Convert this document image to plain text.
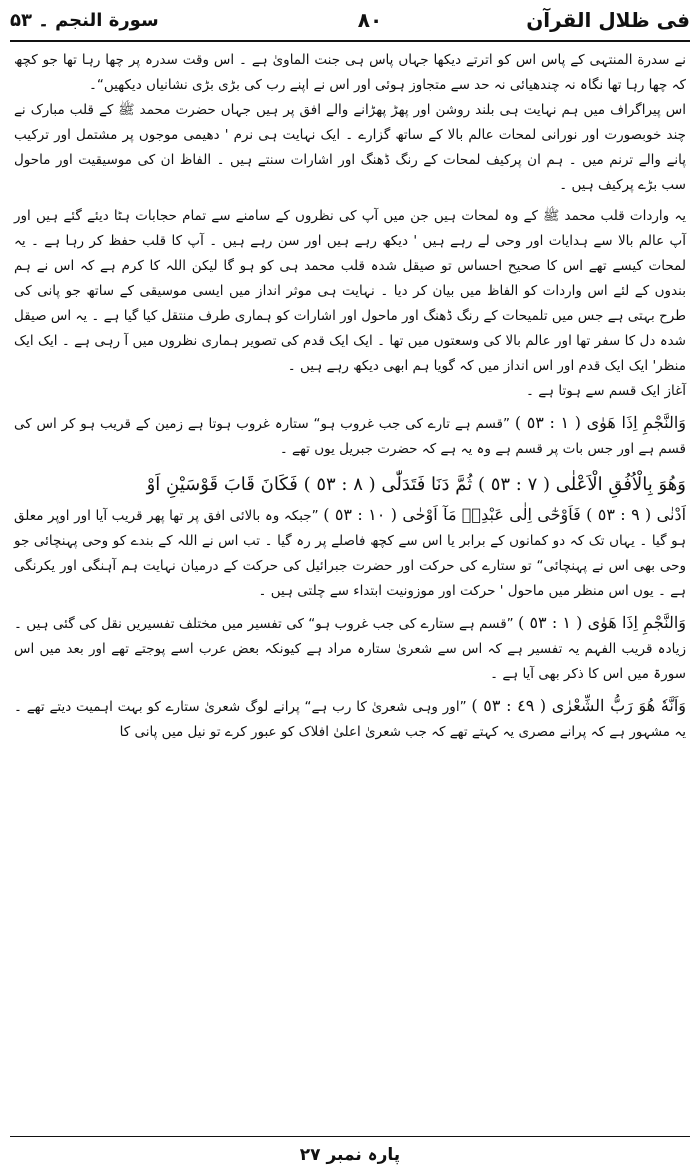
فی ظلال القرآن
٨٠
سورة النجم ۔ ۵۳

نے سدرة المنتہی کے پاس اس کو اترتے دیکھا جہاں پاس ہی جنت الماویٰ ہے ۔ اس وقت سدرہ پر چھا رہا تھا جو کچھ کہ چھا رہا تھا نگاہ نہ چندھیائی نہ حد سے متجاوز ہوئی اور اس نے اپنے رب کی بڑی بڑی نشانیاں دیکھیں“۔

اس پیراگراف میں ہم نہایت ہی بلند روشن اور پھڑ پھڑانے والے افق پر ہیں جہاں حضرت محمد ﷺ کے قلب مبارک نے چند خوبصورت اور نورانی لمحات عالم بالا کے ساتھ گزارے ۔ ایک نہایت ہی نرم ' دھیمی موجوں پر مشتمل اور ترکیب پانے والے ترنم میں ۔ ہم ان پرکیف لمحات کے رنگ ڈھنگ اور اشارات سنتے ہیں ۔ الفاظ ان کی موسیقیت اور ماحول سب بڑے پرکیف ہیں ۔

یہ واردات قلب محمد ﷺ کے وہ لمحات ہیں جن میں آپ کی نظروں کے سامنے سے تمام حجابات ہٹا دیئے گئے ہیں اور آپ عالم بالا سے ہدایات اور وحی لے رہے ہیں ' دیکھ رہے ہیں اور سن رہے ہیں ۔ آپ کا قلب حفظ کر رہا ہے ۔ یہ لمحات کیسے تھے اس کا صحیح احساس تو صیقل شدہ قلب محمد ہی کو ہو گا لیکن اللہ کا کرم ہے کہ اس نے ہم بندوں کے لئے اس واردات کو الفاظ میں بیان کر دیا ۔ نہایت ہی موثر انداز میں ایسی موسیقی کے ساتھ جو پانی کی طرح بہتی ہے جس میں تلمیحات کے رنگ ڈھنگ اور ماحول اور اشارات کو ہماری طرف منتقل کیا گیا ہے ۔ یہ اس صیقل شدہ دل کا سفر تھا اور عالم بالا کی وسعتوں میں تھا ۔ ایک ایک قدم کی تصویر ہماری نظروں میں آ رہی ہے ۔ ایک ایک منظر' ایک ایک قدم اور اس انداز میں کہ گویا ہم ابھی دیکھ رہے ہیں ۔

آغاز ایک قسم سے ہوتا ہے ۔

وَالنَّجْمِ اِذَا هَوٰى ( ١ : ٥٣ ) ”قسم ہے تارے کی جب غروب ہو“ ستارہ غروب ہوتا ہے زمین کے قریب ہو کر اس کی قسم ہے اور جس بات پر قسم ہے وہ یہ ہے کہ حضرت جبریل یوں تھے ۔

وَهُوَ بِالْاُفُقِ الْاَعْلٰى ( ٧ : ٥٣ ) ثُمَّ دَنَا فَتَدَلّٰى ( ٨ : ٥٣ ) فَكَانَ قَابَ قَوْسَيْنِ اَوْ

اَدْنٰى ( ٩ : ٥٣ ) فَاَوْحٰٓى اِلٰى عَبْدِهٖ مَآ اَوْحٰى ( ١٠ : ٥٣ ) ”جبکہ وہ بالائی افق پر تھا پھر قریب آیا اور اوپر معلق ہو گیا ۔ یہاں تک کہ دو کمانوں کے برابر یا اس سے کچھ فاصلے پر رہ گیا ۔ تب اس نے اللہ کے بندے کو وحی پہنچائی جو وحی بھی اس نے پہنچائی“ تو ستارے کی حرکت اور حضرت جبرائیل کی حرکت کے درمیان نہایت ہم آہنگی اور یکرنگی ہے ۔ یوں اس منظر میں ماحول ' حرکت اور موزونیت ابتداء سے چلتی ہیں ۔

وَالنَّجْمِ اِذَا هَوٰى ( ١ : ٥٣ ) ”قسم ہے ستارے کی جب غروب ہو“ کی تفسیر میں مختلف تفسیریں نقل کی گئی ہیں ۔ زیادہ قریب الفہم یہ تفسیر ہے کہ اس سے شعریٰ ستارہ مراد ہے کیونکہ بعض عرب اسے پوجتے تھے اور بعد میں اس سورۃ میں اس کا ذکر بھی آیا ہے ۔

وَاَنَّهٗ هُوَ رَبُّ الشِّعْرٰى ( ٤٩ : ٥٣ ) ”اور وہی شعریٰ کا رب ہے“ پرانے لوگ شعریٰ ستارے کو بہت اہمیت دیتے تھے ۔ یہ مشہور ہے کہ پرانے مصری یہ کہتے تھے کہ جب شعریٰ اعلیٰ افلاک کو عبور کرے تو نیل میں پانی کا

پارہ نمبر ٢٧
